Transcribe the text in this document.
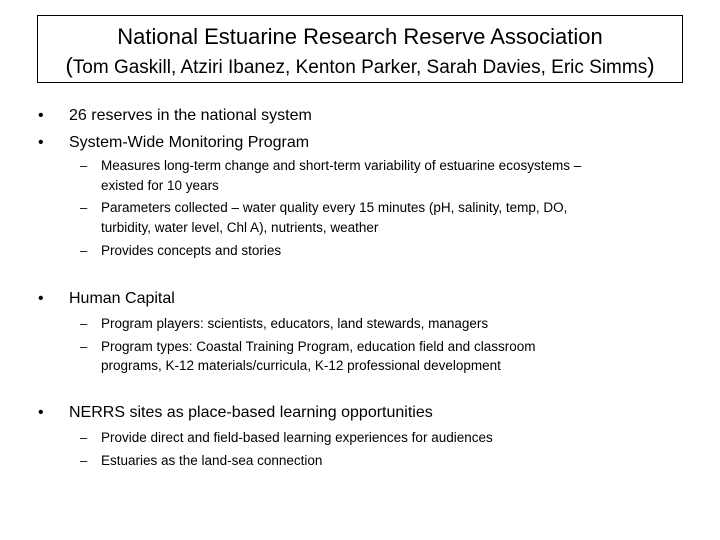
National Estuarine Research Reserve Association
(Tom Gaskill, Atziri Ibanez, Kenton Parker, Sarah Davies, Eric Simms)
• 26 reserves in the national system
• System-Wide Monitoring Program
– Measures long-term change and short-term variability of estuarine ecosystems –
existed for 10 years
– Parameters collected – water quality every 15 minutes (pH, salinity, temp, DO,
turbidity, water level, Chl A), nutrients, weather
– Provides concepts and stories
• Human Capital
– Program players: scientists, educators, land stewards, managers
– Program types: Coastal Training Program, education field and classroom
programs, K-12 materials/curricula, K-12 professional development
• NERRS sites as place-based learning opportunities
– Provide direct and field-based learning experiences for audiences
– Estuaries as the land-sea connection
